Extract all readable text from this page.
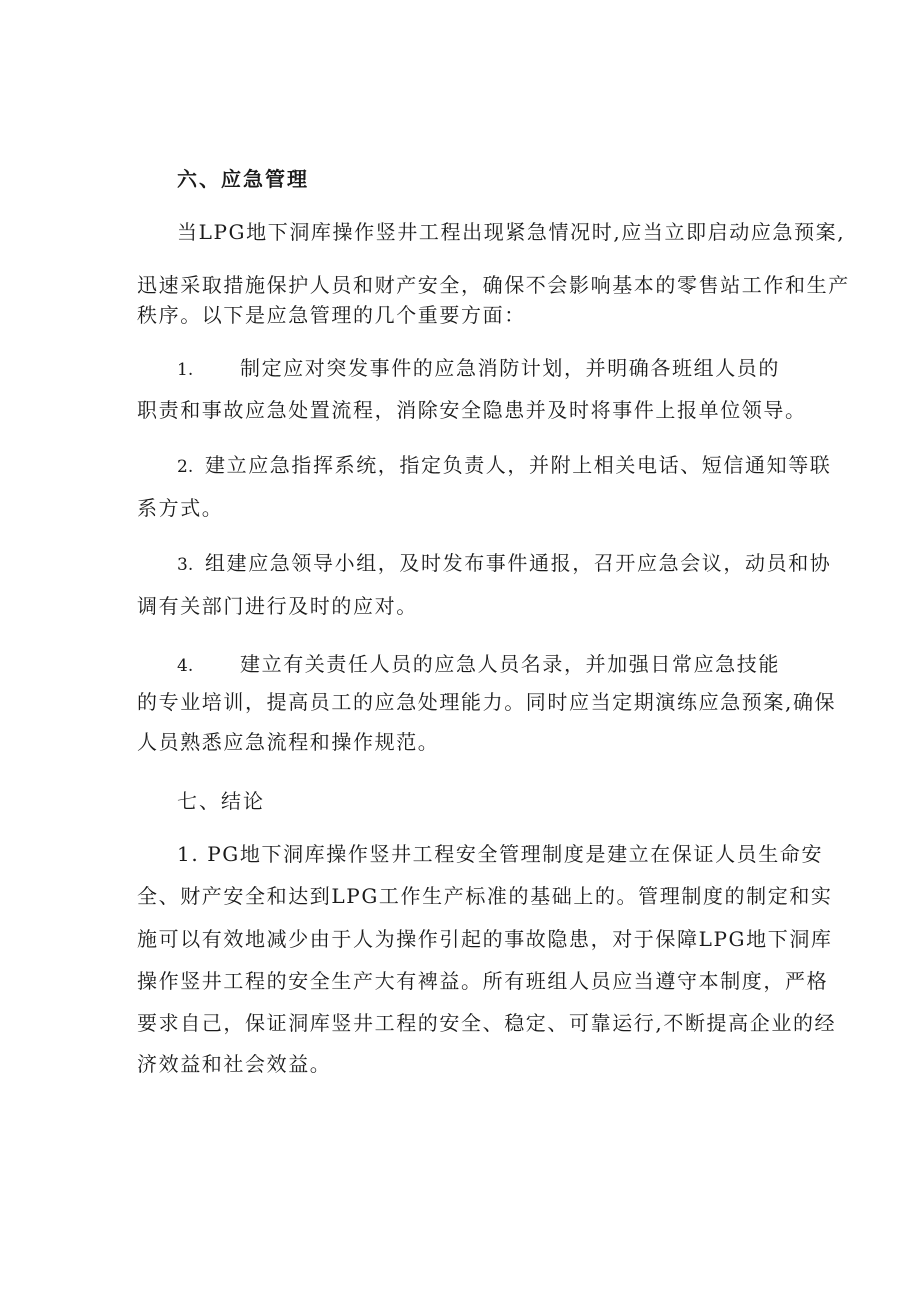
六、应急管理
当LPG地下洞库操作竖井工程出现紧急情况时,应当立即启动应急预案,
迅速采取措施保护人员和财产安全，确保不会影响基本的零售站工作和生产
秩序。以下是应急管理的几个重要方面：
1. 制定应对突发事件的应急消防计划，并明确各班组人员的
职责和事故应急处置流程，消除安全隐患并及时将事件上报单位领导。
2. 建立应急指挥系统，指定负责人，并附上相关电话、短信通知等联
系方式。
3. 组建应急领导小组，及时发布事件通报，召开应急会议，动员和协
调有关部门进行及时的应对。
4. 建立有关责任人员的应急人员名录，并加强日常应急技能
的专业培训，提高员工的应急处理能力。同时应当定期演练应急预案,确保
人员熟悉应急流程和操作规范。
七、结论
1. PG地下洞库操作竖井工程安全管理制度是建立在保证人员生命安
全、财产安全和达到LPG工作生产标准的基础上的。管理制度的制定和实
施可以有效地减少由于人为操作引起的事故隐患，对于保障LPG地下洞库
操作竖井工程的安全生产大有裨益。所有班组人员应当遵守本制度，严格
要求自己，保证洞库竖井工程的安全、稳定、可靠运行,不断提高企业的经
济效益和社会效益。
